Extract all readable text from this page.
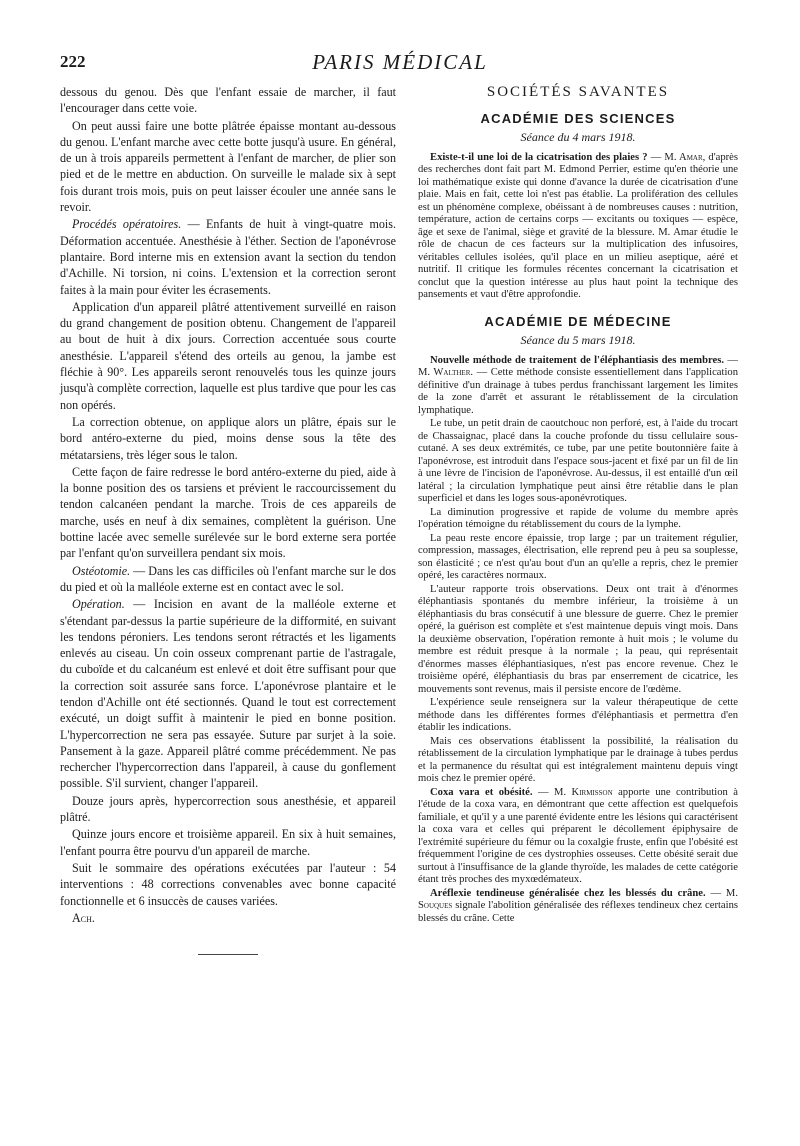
222	PARIS MÉDICAL

dessous du genou. Dès que l'enfant essaie de marcher, il faut l'encourager dans cette voie.

On peut aussi faire une botte plâtrée épaisse montant au-dessous du genou. L'enfant marche avec cette botte jusqu'à usure. En général, de un à trois appareils permettent à l'enfant de marcher, de plier son pied et de le mettre en abduction. On surveille le malade six à sept fois durant trois mois, puis on peut laisser écouler une année sans le revoir.

Procédés opératoires. — Enfants de huit à vingt-quatre mois. Déformation accentuée. Anesthésie à l'éther. Section de l'aponévrose plantaire. Bord interne mis en extension avant la section du tendon d'Achille. Ni torsion, ni coins. L'extension et la correction seront faites à la main pour éviter les écrasements.

Application d'un appareil plâtré attentivement surveillé en raison du grand changement de position obtenu. Changement de l'appareil au bout de huit à dix jours. Correction accentuée sous courte anesthésie. L'appareil s'étend des orteils au genou, la jambe est fléchie à 90°. Les appareils seront renouvelés tous les quinze jours jusqu'à complète correction, laquelle est plus tardive que pour les cas non opérés.

La correction obtenue, on applique alors un plâtre, épais sur le bord antéro-externe du pied, moins dense sous la tête des métatarsiens, très léger sous le talon.

Cette façon de faire redresse le bord antéro-externe du pied, aide à la bonne position des os tarsiens et prévient le raccourcissement du tendon calcanéen pendant la marche. Trois de ces appareils de marche, usés en neuf à dix semaines, complètent la guérison. Une bottine lacée avec semelle surélevée sur le bord externe sera portée par l'enfant qu'on surveillera pendant six mois.

Ostéotomie. — Dans les cas difficiles où l'enfant marche sur le dos du pied et où la malléole externe est en contact avec le sol.

Opération. — Incision en avant de la malléole externe et s'étendant par-dessus la partie supérieure de la difformité, en suivant les tendons péroniers. Les tendons seront rétractés et les ligaments enlevés au ciseau. Un coin osseux comprenant partie de l'astragale, du cuboïde et du calcanéum est enlevé et doit être suffisant pour que la correction soit assurée sans force. L'aponévrose plantaire et le tendon d'Achille ont été sectionnés. Quand le tout est correctement exécuté, un doigt suffit à maintenir le pied en bonne position. L'hypercorrection ne sera pas essayée. Suture par surjet à la soie. Pansement à la gaze. Appareil plâtré comme précédemment. Ne pas rechercher l'hypercorrection dans l'appareil, à cause du gonflement possible. S'il survient, changer l'appareil.

Douze jours après, hypercorrection sous anesthésie, et appareil plâtré.

Quinze jours encore et troisième appareil. En six à huit semaines, l'enfant pourra être pourvu d'un appareil de marche.

Suit le sommaire des opérations exécutées par l'auteur : 54 interventions : 48 corrections convenables avec bonne capacité fonctionnelle et 6 insuccès de causes variées.

Ach.

SOCIÉTÉS SAVANTES
ACADÉMIE DES SCIENCES
Séance du 4 mars 1918.

Existe-t-il une loi de la cicatrisation des plaies ? — M. Amar, d'après des recherches dont fait part M. Edmond Perrier, estime qu'en théorie une loi mathématique existe qui donne d'avance la durée de cicatrisation d'une plaie. Mais en fait, cette loi n'est pas établie. La prolifération des cellules est un phénomène complexe, obéissant à de nombreuses causes : nutrition, température, action de certains corps — excitants ou toxiques — espèce, âge et sexe de l'animal, siège et gravité de la blessure. M. Amar étudie le rôle de chacun de ces facteurs sur la multiplication des infusoires, véritables cellules isolées, qu'il place en un milieu aseptique, aéré et nutritif. Il critique les formules récentes concernant la cicatrisation et conclut que la question intéresse au plus haut point la technique des pansements et vaut d'être approfondie.

ACADÉMIE DE MÉDECINE
Séance du 5 mars 1918.

Nouvelle méthode de traitement de l'éléphantiasis des membres. — M. Walther. — Cette méthode consiste essentiellement dans l'application définitive d'un drainage à tubes perdus franchissant largement les limites de la zone d'arrêt et assurant le rétablissement de la circulation lymphatique.

Le tube, un petit drain de caoutchouc non perforé, est, à l'aide du trocart de Chassaignac, placé dans la couche profonde du tissu cellulaire sous-cutané. A ses deux extrémités, ce tube, par une petite boutonnière faite à l'aponévrose, est introduit dans l'espace sous-jacent et fixé par un fil de lin à une lèvre de l'incision de l'aponévrose. Au-dessus, il est entaillé d'un œil latéral ; la circulation lymphatique peut ainsi être rétablie dans le plan superficiel et dans les loges sous-aponévrotiques.

La diminution progressive et rapide de volume du membre après l'opération témoigne du rétablissement du cours de la lymphe.

La peau reste encore épaissie, trop large ; par un traitement régulier, compression, massages, électrisation, elle reprend peu à peu sa souplesse, son élasticité ; ce n'est qu'au bout d'un an qu'elle a repris, chez le premier opéré, les caractères normaux.

L'auteur rapporte trois observations. Deux ont trait à d'énormes éléphantiasis spontanés du membre inférieur, la troisième à un éléphantiasis du bras consécutif à une blessure de guerre. Chez le premier opéré, la guérison est complète et s'est maintenue depuis vingt mois. Dans la deuxième observation, l'opération remonte à huit mois ; le volume du membre est réduit presque à la normale ; la peau, qui représentait d'énormes masses éléphantiasiques, n'est pas encore revenue. Chez le troisième opéré, éléphantiasis du bras par enserrement de cicatrice, les mouvements sont revenus, mais il persiste encore de l'œdème.

L'expérience seule renseignera sur la valeur thérapeutique de cette méthode dans les différentes formes d'éléphantiasis et permettra d'en établir les indications.

Mais ces observations établissent la possibilité, la réalisation du rétablissement de la circulation lymphatique par le drainage à tubes perdus et la permanence du résultat qui est intégralement maintenu depuis vingt mois chez le premier opéré.

Coxa vara et obésité. — M. Kirmisson apporte une contribution à l'étude de la coxa vara, en démontrant que cette affection est quelquefois familiale, et qu'il y a une parenté évidente entre les lésions qui caractérisent la coxa vara et celles qui préparent le décollement épiphysaire de l'extrémité supérieure du fémur ou la coxalgie fruste, enfin que l'obésité est fréquemment l'origine de ces dystrophies osseuses. Cette obésité serait due surtout à l'insuffisance de la glande thyroïde, les malades de cette catégorie étant très proches des myxœdémateux.

Aréflexie tendineuse généralisée chez les blessés du crâne. — M. Souques signale l'abolition généralisée des réflexes tendineux chez certains blessés du crâne. Cette
